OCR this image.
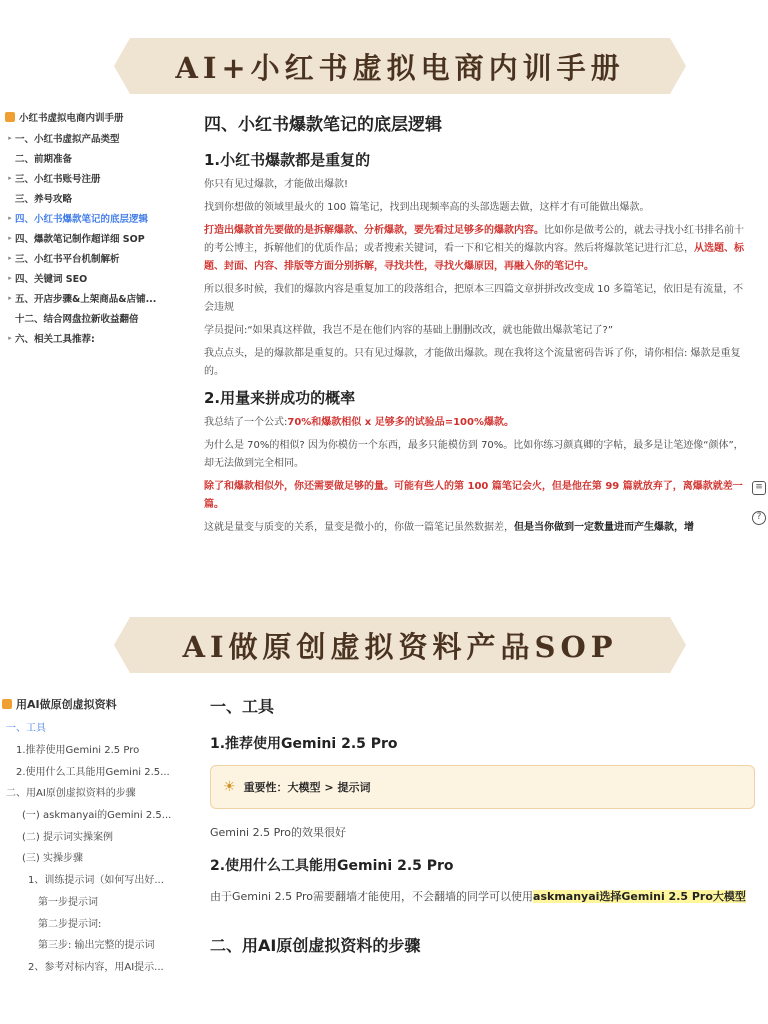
AI+小红书虚拟电商内训手册
小红书虚拟电商内训手册
▸ 一、小红书虚拟产品类型
二、前期准备
▸ 三、小红书账号注册
三、养号攻略
▸ 四、小红书爆款笔记的底层逻辑
▸ 四、爆款笔记制作超详细 SOP
▸ 三、小红书平台机制解析
▸ 四、关键词 SEO
▸ 五、开店步骤&上架商品&店铺...
十二、结合网盘拉新收益翻倍
▸ 六、相关工具推荐:
四、小红书爆款笔记的底层逻辑
1.小红书爆款都是重复的
你只有见过爆款，才能做出爆款!
找到你想做的领域里最火的 100 篇笔记，找到出现频率高的头部选题去做，这样才有可能做出爆款。
打造出爆款首先要做的是拆解爆款、分析爆款，要先看过足够多的爆款内容。比如你是做考公的，就去寻找小红书排名前十的考公博主，拆解他们的优质作品；或者搜索关键词，看一下和它相关的爆款内容。然后将爆款笔记进行汇总，从选题、标题、封面、内容、排版等方面分别拆解，寻找共性，寻找火爆原因，再融入你的笔记中。
所以很多时候，我们的爆款内容是重复加工的段落组合，把原本三四篇文章拼拼改改变成 10 多篇笔记，依旧是有流量，不会违规
学员提问:“如果真这样做，我岂不是在他们内容的基础上删删改改，就也能做出爆款笔记了?”
我点点头，是的爆款都是重复的。只有见过爆款，才能做出爆款。现在我将这个流量密码告诉了你，请你相信: 爆款是重复的。
2.用量来拼成功的概率
我总结了一个公式:70%和爆款相似 x 足够多的试验品=100%爆款。
为什么是 70%的相似? 因为你模仿一个东西，最多只能模仿到 70%。比如你练习颜真卿的字帖，最多是让笔迹像“颜体”，却无法做到完全相同。
除了和爆款相似外，你还需要做足够的量。可能有些人的第 100 篇笔记会火，但是他在第 99 篇就放弃了，离爆款就差一篇。
这就是量变与质变的关系，量变是微小的，你做一篇笔记虽然数据差，但是当你做到一定数量进而产生爆款，增
≡
?
AI做原创虚拟资料产品SOP
用AI做原创虚拟资料
一、工具
1.推荐使用Gemini 2.5 Pro
2.使用什么工具能用Gemini 2.5...
二、用AI原创虚拟资料的步骤
(一) askmanyai的Gemini 2.5...
(二) 提示词实操案例
(三) 实操步骤
1、训练提示词（如何写出好...
第一步提示词
第二步提示词:
第三步: 输出完整的提示词
2、参考对标内容，用AI提示...
一、工具
1.推荐使用Gemini 2.5 Pro
☀ 重要性：大模型 > 提示词
Gemini 2.5 Pro的效果很好
2.使用什么工具能用Gemini 2.5 Pro
由于Gemini 2.5 Pro需要翻墙才能使用，不会翻墙的同学可以使用askmanyai选择Gemini 2.5 Pro大模型
二、用AI原创虚拟资料的步骤
